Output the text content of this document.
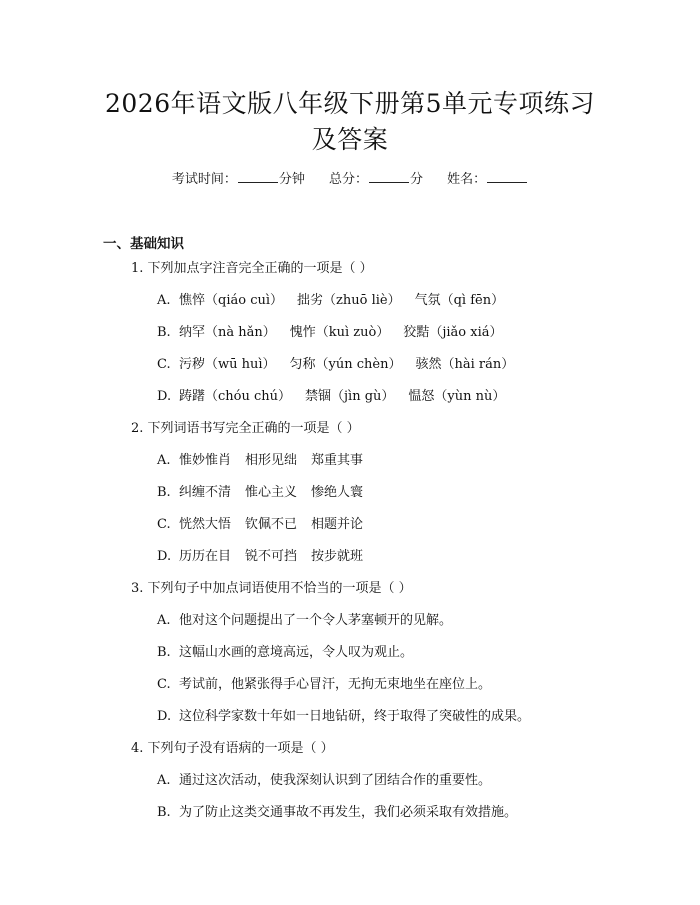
2026年语文版八年级下册第5单元专项练习及答案
考试时间：	分钟 总分：	分 姓名：
一、基础知识
1. 下列加点字注音完全正确的一项是（ ）
A. 憔悴（qiáo cuì） 拙劣（zhuō liè） 气氛（qì fēn）
B. 纳罕（nà hǎn） 愧怍（kuì zuò） 狡黠（jiǎo xiá）
C. 污秽（wū huì） 匀称（yún chèn） 骇然（hài rán）
D. 踌躇（chóu chú） 禁锢（jìn gù） 愠怒（yùn nù）
2. 下列词语书写完全正确的一项是（ ）
A. 惟妙惟肖 相形见绌 郑重其事
B. 纠缠不清 惟心主义 惨绝人寰
C. 恍然大悟 钦佩不已 相题并论
D. 历历在目 锐不可挡 按步就班
3. 下列句子中加点词语使用不恰当的一项是（ ）
A. 他对这个问题提出了一个令人茅塞顿开的见解。
B. 这幅山水画的意境高远，令人叹为观止。
C. 考试前，他紧张得手心冒汗，无拘无束地坐在座位上。
D. 这位科学家数十年如一日地钻研，终于取得了突破性的成果。
4. 下列句子没有语病的一项是（ ）
A. 通过这次活动，使我深刻认识到了团结合作的重要性。
B. 为了防止这类交通事故不再发生，我们必须采取有效措施。
